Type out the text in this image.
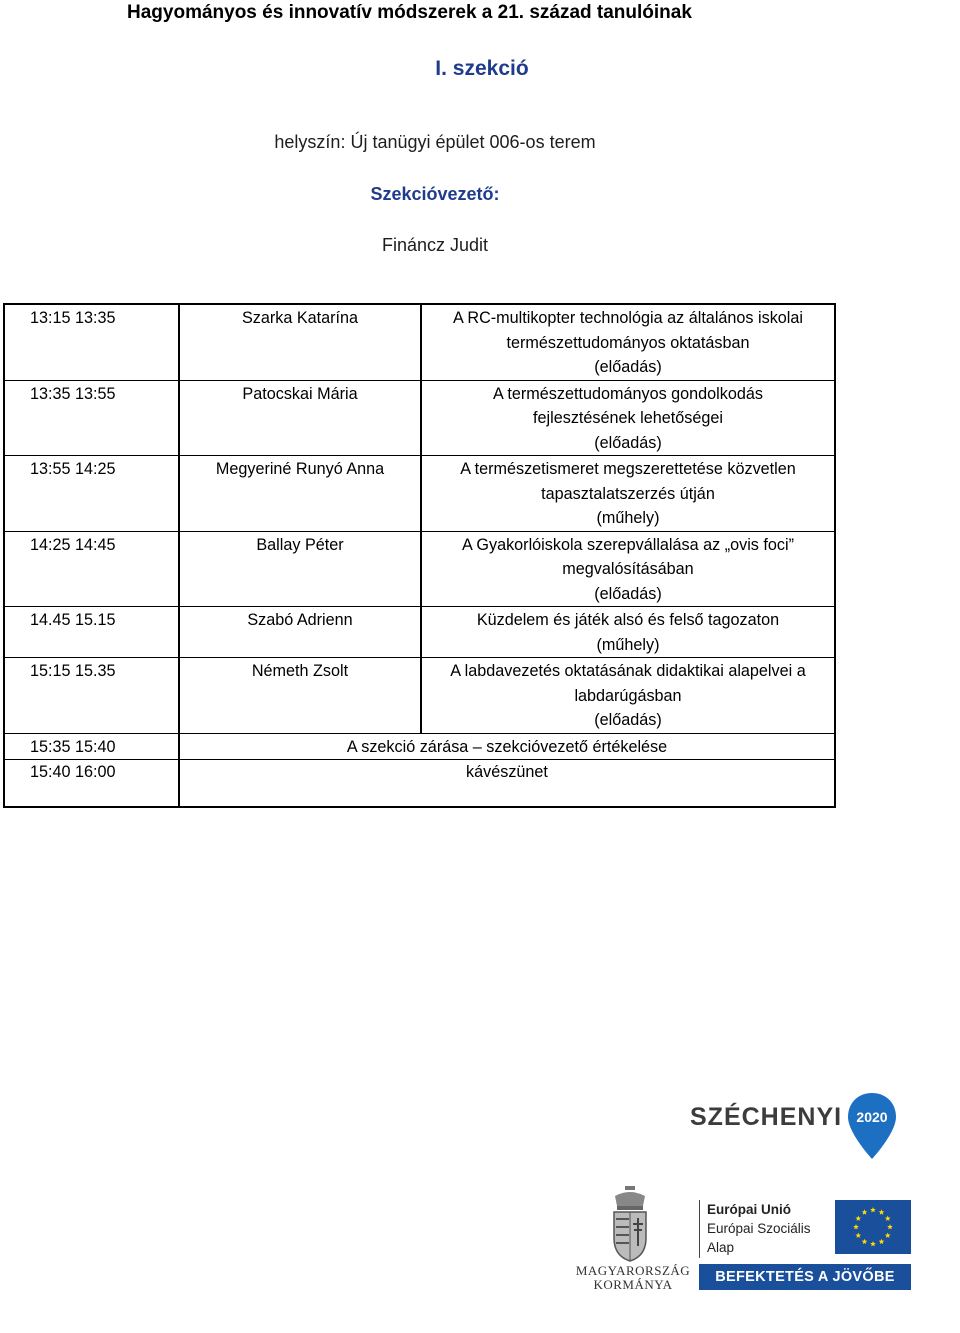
Hagyományos és innovatív módszerek a 21. század tanulóinak
I. szekció
helyszín: Új tanügyi épület 006-os terem
Szekcióvezető:
Fináncz Judit
13:15 13:35	Szarka Katarína	A RC-multikopter technológia az általános iskolai
természettudományos oktatásban
(előadás)

13:35 13:55	Patocskai Mária	A természettudományos gondolkodás
fejlesztésének lehetőségei
(előadás)

13:55 14:25	Megyeriné Runyó Anna	A természetismeret megszerettetése közvetlen
tapasztalatszerzés útján
(műhely)

14:25 14:45	Ballay Péter	A Gyakorlóiskola szerepvállalása az „ovis foci”
megvalósításában
(előadás)

14.45 15.15	Szabó Adrienn	Küzdelem és játék alsó és felső tagozaton
(műhely)

15:15 15.35	Németh Zsolt	A labdavezetés oktatásának didaktikai alapelvei a
labdarúgásban
(előadás)

15:35 15:40	A szekció zárása – szekcióvezető értékelése	
15:40 16:00	kávészünet	
SZÉCHENYI 2020
MAGYARORSZÁG
KORMÁNYA
Európai Unió
Európai Szociális
Alap
BEFEKTETÉS A JÖVŐBE
